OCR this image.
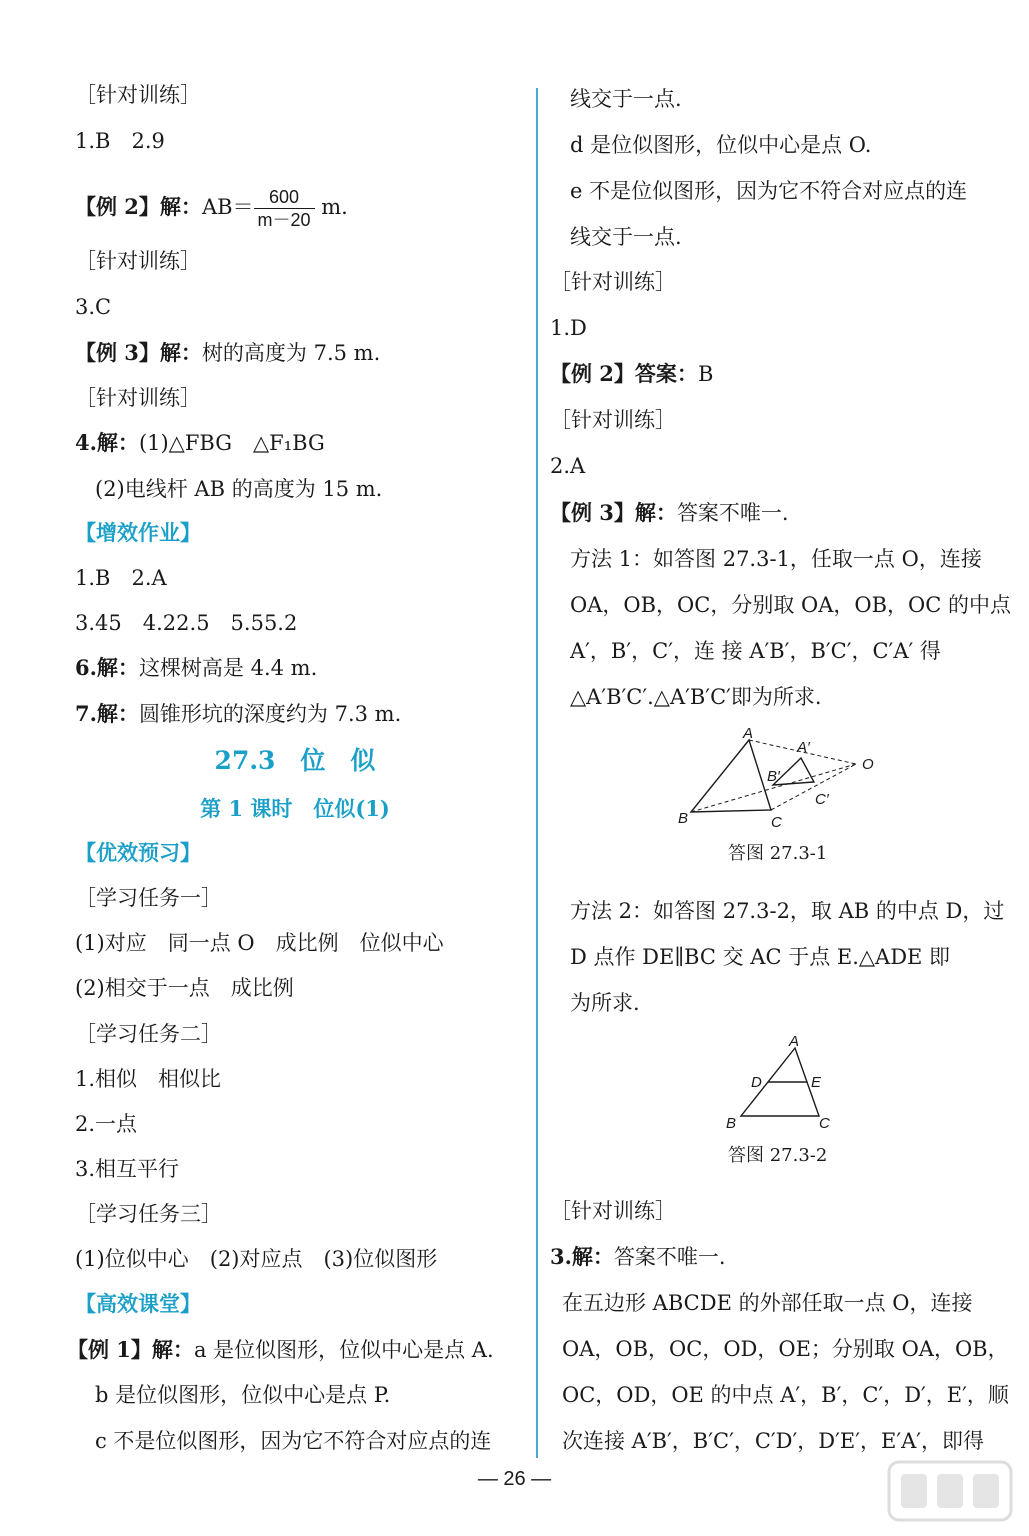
［针对训练］
1.B　2.9
【例 2】解：$AB= \frac{600}{m-20} m$.
［针对训练］
3.C
【例 3】解：树的高度为 7.5 m.
［针对训练］
4.解：(1)△FBG　△F₁BG
(2)电线杆 AB 的高度为 15 m.
【增效作业】
1.B　2.A
3.45　4.22.5　5.55.2
6.解：这棵树高是 4.4 m.
7.解：圆锥形坑的深度约为 7.3 m.
27.3　位　似
第 1 课时　位似(1)
【优效预习】
［学习任务一］
(1)对应　同一点 O　成比例　位似中心
(2)相交于一点　成比例
［学习任务二］
1.相似　相似比
2.一点
3.相互平行
［学习任务三］
(1)位似中心　(2)对应点　(3)位似图形
【高效课堂】
【例 1】解：a 是位似图形，位似中心是点 A.
b 是位似图形，位似中心是点 P.
c 不是位似图形，因为它不符合对应点的连
线交于一点.
d 是位似图形，位似中心是点 O.
e 不是位似图形，因为它不符合对应点的连
线交于一点.
［针对训练］
1.D
【例 2】答案：B
［针对训练］
2.A
【例 3】解：答案不唯一.
方法 1：如答图 27.3-1，任取一点 O，连接
OA，OB，OC，分别取 OA，OB，OC 的中点
A′，B′，C′，连 接 A′B′，B′C′，C′A′ 得
△A′B′C′.△A′B′C′即为所求.
A
A′
B′
O
C′
B	C
答图 27.3-1
方法 2：如答图 27.3-2，取 AB 的中点 D，过
D 点作 DE∥BC 交 AC 于点 E.△ADE 即
为所求.
A
D	E
B	C
答图 27.3-2
［针对训练］
3.解：答案不唯一.
在五边形 ABCDE 的外部任取一点 O，连接
OA，OB，OC，OD，OE；分别取 OA，OB，
OC，OD，OE 的中点 A′，B′，C′，D′，E′，顺
次连接 A′B′，B′C′，C′D′，D′E′，E′A′，即得
— 26 —
